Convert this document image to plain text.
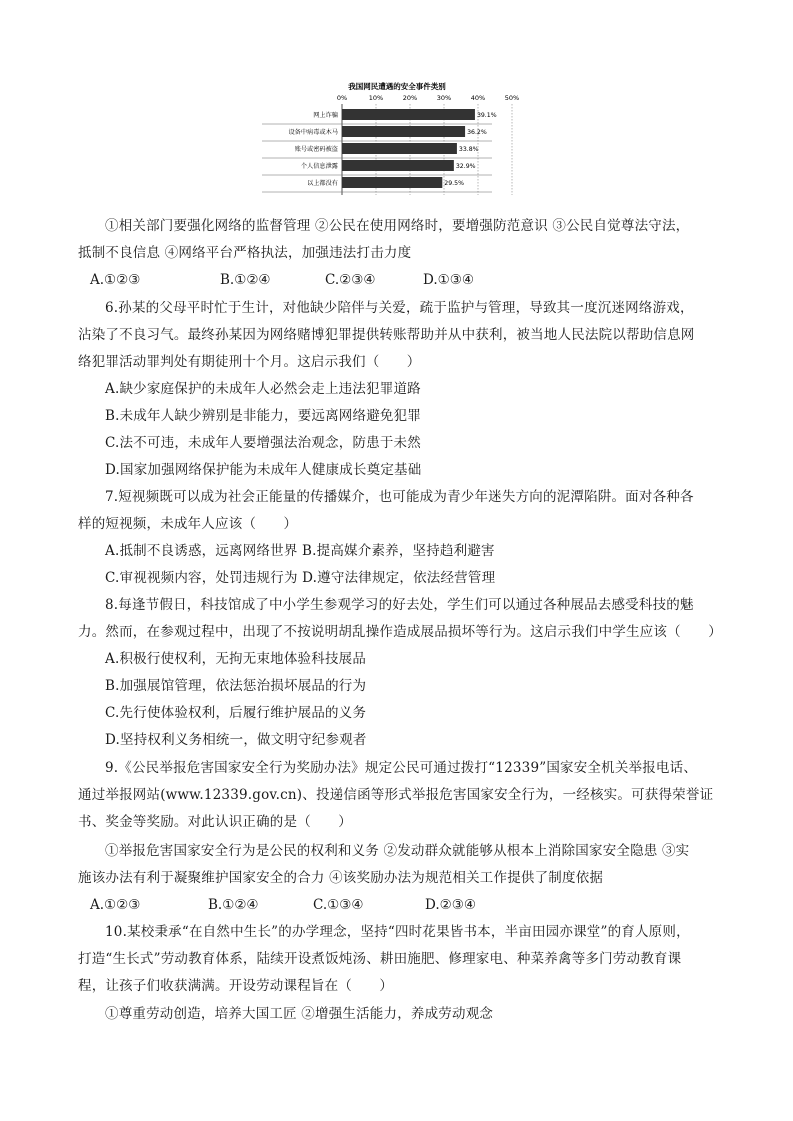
我国网民遭遇的安全事件类别
0%	10%	20%	30%	40%	50%
网上诈骗	39.1%
设备中病毒或木马	36.2%
账号或密码被盗	33.8%
个人信息泄露	32.9%
以上都没有	29.5%
①相关部门要强化网络的监督管理 ②公民在使用网络时，要增强防范意识 ③公民自觉尊法守法，
抵制不良信息 ④网络平台严格执法，加强违法打击力度
A.①②③	B.①②④	C.②③④	D.①③④
6.孙某的父母平时忙于生计，对他缺少陪伴与关爱，疏于监护与管理，导致其一度沉迷网络游戏，
沾染了不良习气。最终孙某因为网络赌博犯罪提供转账帮助并从中获利，被当地人民法院以帮助信息网
络犯罪活动罪判处有期徒刑十个月。这启示我们（　　）
A.缺少家庭保护的未成年人必然会走上违法犯罪道路
B.未成年人缺少辨别是非能力，要远离网络避免犯罪
C.法不可违，未成年人要增强法治观念，防患于未然
D.国家加强网络保护能为未成年人健康成长奠定基础
7.短视频既可以成为社会正能量的传播媒介，也可能成为青少年迷失方向的泥潭陷阱。面对各种各
样的短视频，未成年人应该（　　）
A.抵制不良诱惑，远离网络世界 B.提高媒介素养，坚持趋利避害
C.审视视频内容，处罚违规行为 D.遵守法律规定，依法经营管理
8.每逢节假日，科技馆成了中小学生参观学习的好去处，学生们可以通过各种展品去感受科技的魅
力。然而，在参观过程中，出现了不按说明胡乱操作造成展品损坏等行为。这启示我们中学生应该（　　）
A.积极行使权利，无拘无束地体验科技展品
B.加强展馆管理，依法惩治损坏展品的行为
C.先行使体验权利，后履行维护展品的义务
D.坚持权利义务相统一，做文明守纪参观者
9.《公民举报危害国家安全行为奖励办法》规定公民可通过拨打“12339”国家安全机关举报电话、
通过举报网站(www.12339.gov.cn)、投递信函等形式举报危害国家安全行为，一经核实。可获得荣誉证
书、奖金等奖励。对此认识正确的是（　　）
①举报危害国家安全行为是公民的权利和义务 ②发动群众就能够从根本上消除国家安全隐患 ③实
施该办法有利于凝聚维护国家安全的合力 ④该奖励办法为规范相关工作提供了制度依据
A.①②③	B.①②④	C.①③④	D.②③④
10.某校秉承“在自然中生长”的办学理念，坚持“四时花果皆书本，半亩田园亦课堂”的育人原则，
打造“生长式”劳动教育体系，陆续开设煮饭炖汤、耕田施肥、修理家电、种菜养禽等多门劳动教育课
程，让孩子们收获满满。开设劳动课程旨在（　　）
①尊重劳动创造，培养大国工匠 ②增强生活能力，养成劳动观念
